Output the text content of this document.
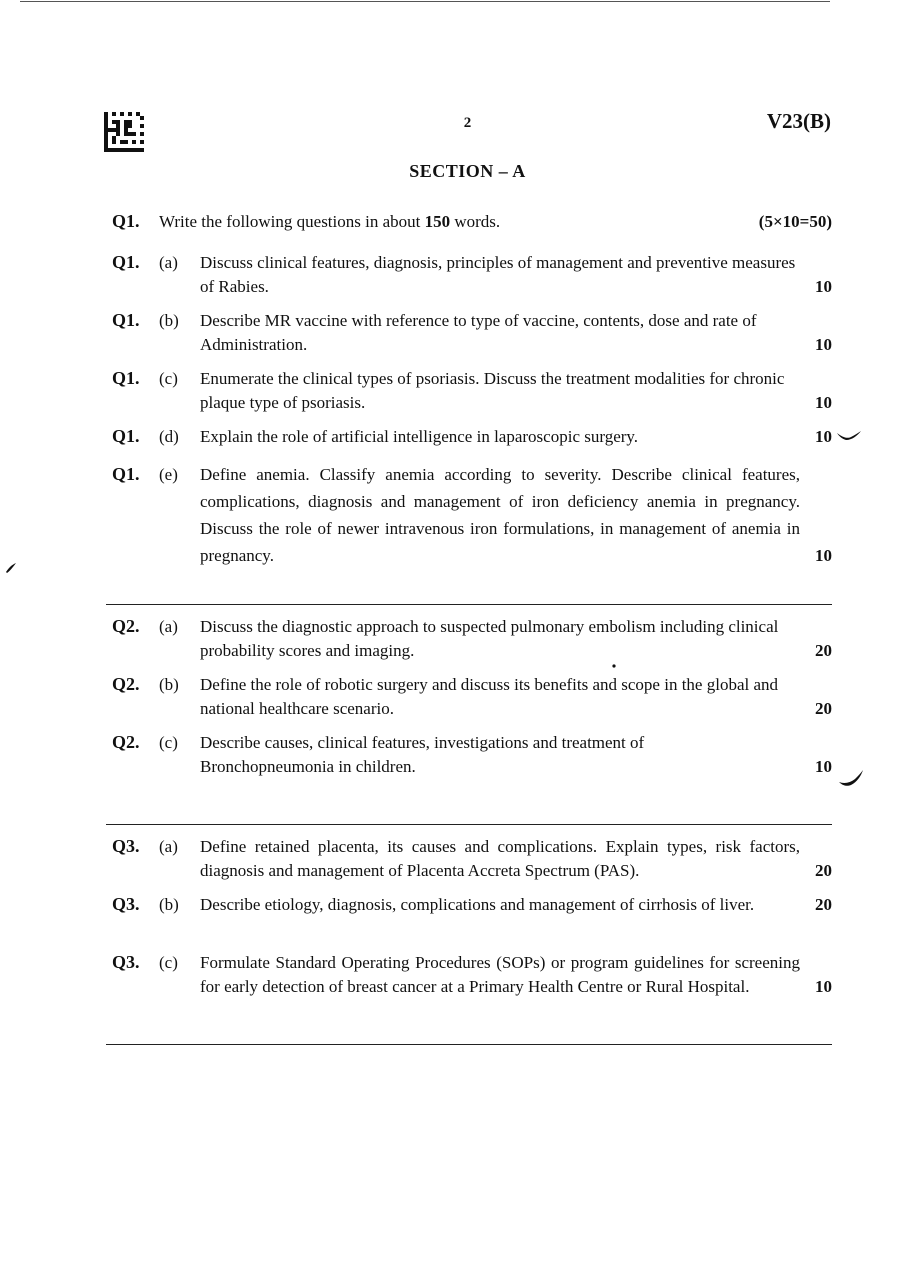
2	V23(B)
SECTION – A
Q1. Write the following questions in about 150 words.	(5×10=50)
Q1. (a) Discuss clinical features, diagnosis, principles of management and preventive measures of Rabies.	10
Q1. (b) Describe MR vaccine with reference to type of vaccine, contents, dose and rate of Administration.	10
Q1. (c) Enumerate the clinical types of psoriasis. Discuss the treatment modalities for chronic plaque type of psoriasis.	10
Q1. (d) Explain the role of artificial intelligence in laparoscopic surgery.	10
Q1. (e) Define anemia. Classify anemia according to severity. Describe clinical features, complications, diagnosis and management of iron deficiency anemia in pregnancy. Discuss the role of newer intravenous iron formulations, in management of anemia in pregnancy.	10
Q2. (a) Discuss the diagnostic approach to suspected pulmonary embolism including clinical probability scores and imaging.	20
Q2. (b) Define the role of robotic surgery and discuss its benefits and scope in the global and national healthcare scenario.	20
Q2. (c) Describe causes, clinical features, investigations and treatment of Bronchopneumonia in children.	10
Q3. (a) Define retained placenta, its causes and complications. Explain types, risk factors, diagnosis and management of Placenta Accreta Spectrum (PAS).	20
Q3. (b) Describe etiology, diagnosis, complications and management of cirrhosis of liver.	20
Q3. (c) Formulate Standard Operating Procedures (SOPs) or program guidelines for screening for early detection of breast cancer at a Primary Health Centre or Rural Hospital.	10
